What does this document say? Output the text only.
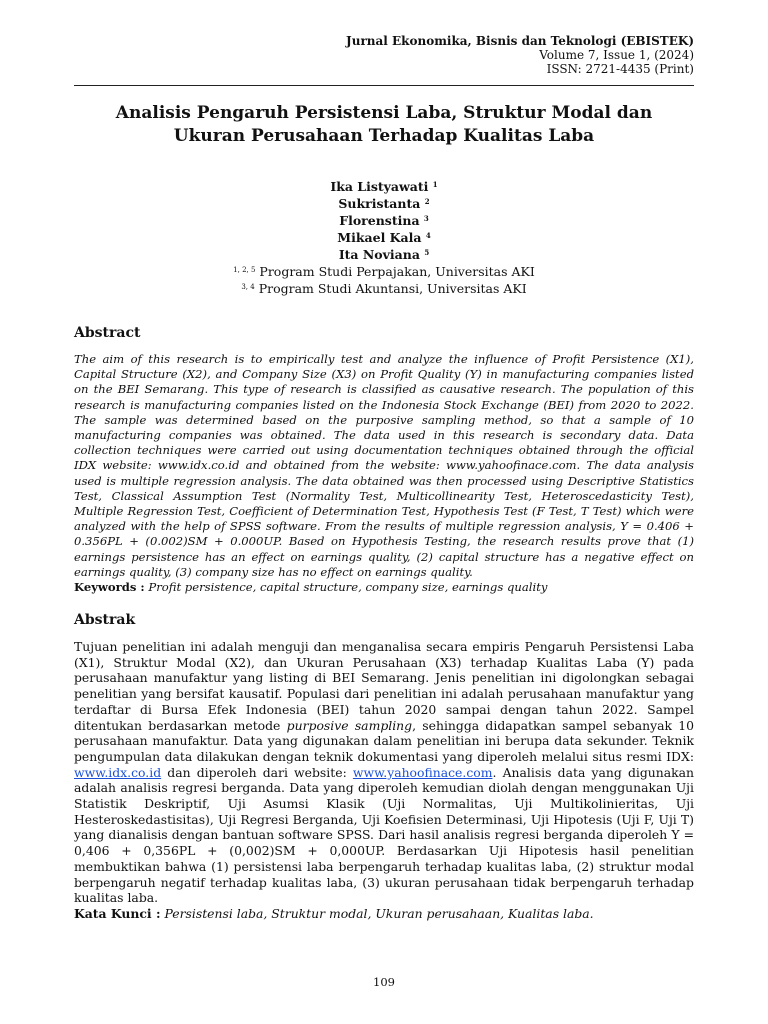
Jurnal Ekonomika, Bisnis dan Teknologi (EBISTEK)
Volume 7, Issue 1, (2024)
ISSN: 2721-4435 (Print)
Analisis Pengaruh Persistensi Laba, Struktur Modal dan Ukuran Perusahaan Terhadap Kualitas Laba
Ika Listyawati $^1$
Sukristanta $^2$
Florenstina $^3$
Mikael Kala $^4$
Ita Noviana $^5$
$^{1, 2, 5}$ Program Studi Perpajakan, Universitas AKI
$^{3, 4}$ Program Studi Akuntansi, Universitas AKI
Abstract
The aim of this research is to empirically test and analyze the influence of Profit Persistence (X1), Capital Structure (X2), and Company Size (X3) on Profit Quality (Y) in manufacturing companies listed on the BEI Semarang. This type of research is classified as causative research. The population of this research is manufacturing companies listed on the Indonesia Stock Exchange (BEI) from 2020 to 2022. The sample was determined based on the purposive sampling method, so that a sample of 10 manufacturing companies was obtained. The data used in this research is secondary data. Data collection techniques were carried out using documentation techniques obtained through the official IDX website: www.idx.co.id and obtained from the website: www.yahoofinace.com. The data analysis used is multiple regression analysis. The data obtained was then processed using Descriptive Statistics Test, Classical Assumption Test (Normality Test, Multicollinearity Test, Heteroscedasticity Test), Multiple Regression Test, Coefficient of Determination Test, Hypothesis Test (F Test, T Test) which were analyzed with the help of SPSS software. From the results of multiple regression analysis, Y = 0.406 + 0.356PL + (0.002)SM + 0.000UP. Based on Hypothesis Testing, the research results prove that (1) earnings persistence has an effect on earnings quality, (2) capital structure has a negative effect on earnings quality, (3) company size has no effect on earnings quality.
Keywords : Profit persistence, capital structure, company size, earnings quality
Abstrak
Tujuan penelitian ini adalah menguji dan menganalisa secara empiris Pengaruh Persistensi Laba (X1), Struktur Modal (X2), dan Ukuran Perusahaan (X3) terhadap Kualitas Laba (Y) pada perusahaan manufaktur yang listing di BEI Semarang. Jenis penelitian ini digolongkan sebagai penelitian yang bersifat kausatif. Populasi dari penelitian ini adalah perusahaan manufaktur yang terdaftar di Bursa Efek Indonesia (BEI) tahun 2020 sampai dengan tahun 2022. Sampel ditentukan berdasarkan metode purposive sampling, sehingga didapatkan sampel sebanyak 10 perusahaan manufaktur. Data yang digunakan dalam penelitian ini berupa data sekunder. Teknik pengumpulan data dilakukan dengan teknik dokumentasi yang diperoleh melalui situs resmi IDX: www.idx.co.id dan diperoleh dari website: www.yahoofinace.com. Analisis data yang digunakan adalah analisis regresi berganda. Data yang diperoleh kemudian diolah dengan menggunakan Uji Statistik Deskriptif, Uji Asumsi Klasik (Uji Normalitas, Uji Multikolinieritas, Uji Hesteroskedastisitas), Uji Regresi Berganda, Uji Koefisien Determinasi, Uji Hipotesis (Uji F, Uji T) yang dianalisis dengan bantuan software SPSS. Dari hasil analisis regresi berganda diperoleh Y = 0,406 + 0,356PL + (0,002)SM + 0,000UP. Berdasarkan Uji Hipotesis hasil penelitian membuktikan bahwa (1) persistensi laba berpengaruh terhadap kualitas laba, (2) struktur modal berpengaruh negatif terhadap kualitas laba, (3) ukuran perusahaan tidak berpengaruh terhadap kualitas laba.
Kata Kunci : Persistensi laba, Struktur modal, Ukuran perusahaan, Kualitas laba.
109
